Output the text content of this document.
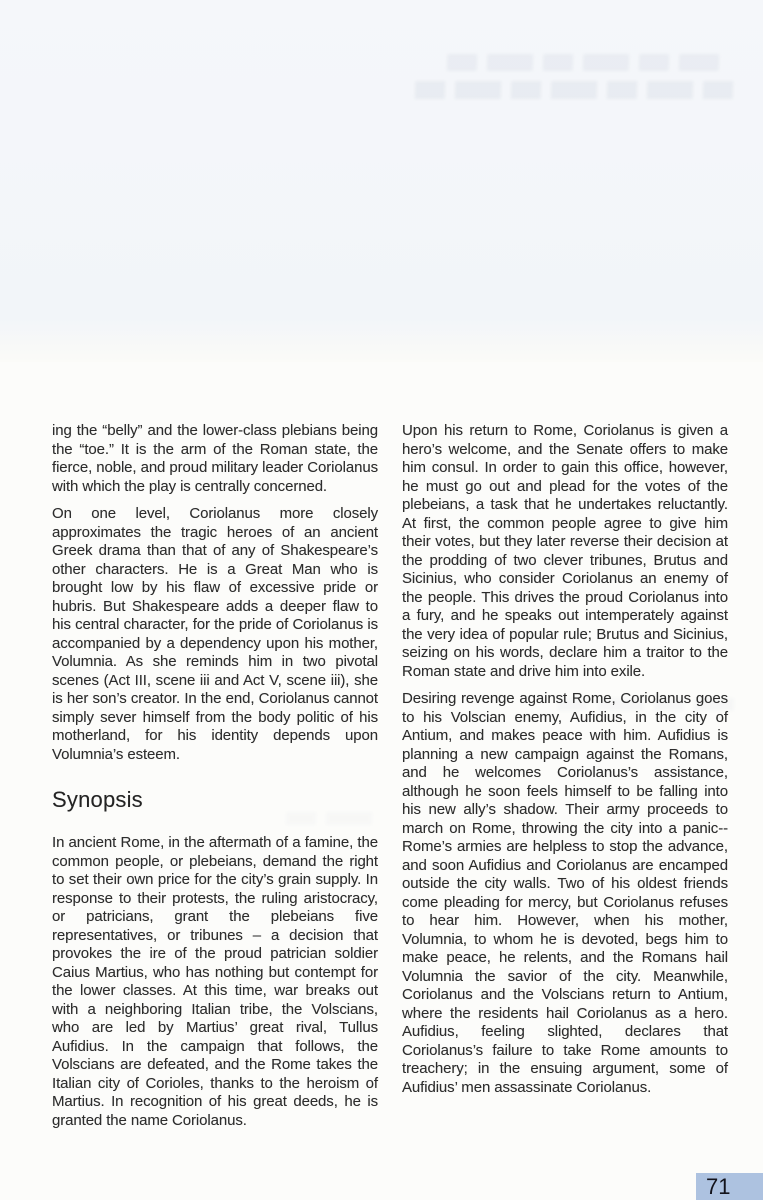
ing the “belly” and the lower-class plebians being the “toe.” It is the arm of the Roman state, the fierce, noble, and proud military leader Coriolanus with which the play is centrally concerned.

On one level, Coriolanus more closely approximates the tragic heroes of an ancient Greek drama than that of any of Shakespeare’s other characters. He is a Great Man who is brought low by his flaw of excessive pride or hubris. But Shakespeare adds a deeper flaw to his central character, for the pride of Coriolanus is accompanied by a dependency upon his mother, Volumnia. As she reminds him in two pivotal scenes (Act III, scene iii and Act V, scene iii), she is her son’s creator. In the end, Coriolanus cannot simply sever himself from the body politic of his motherland, for his identity depends upon Volumnia’s esteem.

Synopsis

In ancient Rome, in the aftermath of a famine, the common people, or plebeians, demand the right to set their own price for the city’s grain supply. In response to their protests, the ruling aristocracy, or patricians, grant the plebeians five representatives, or tribunes – a decision that provokes the ire of the proud patrician soldier Caius Martius, who has nothing but contempt for the lower classes. At this time, war breaks out with a neighboring Italian tribe, the Volscians, who are led by Martius’ great rival, Tullus Aufidius. In the campaign that follows, the Volscians are defeated, and the Rome takes the Italian city of Corioles, thanks to the heroism of Martius. In recognition of his great deeds, he is granted the name Coriolanus.

Upon his return to Rome, Coriolanus is given a hero’s welcome, and the Senate offers to make him consul. In order to gain this office, however, he must go out and plead for the votes of the plebeians, a task that he undertakes reluctantly. At first, the common people agree to give him their votes, but they later reverse their decision at the prodding of two clever tribunes, Brutus and Sicinius, who consider Coriolanus an enemy of the people. This drives the proud Coriolanus into a fury, and he speaks out intemperately against the very idea of popular rule; Brutus and Sicinius, seizing on his words, declare him a traitor to the Roman state and drive him into exile.

Desiring revenge against Rome, Coriolanus goes to his Volscian enemy, Aufidius, in the city of Antium, and makes peace with him. Aufidius is planning a new campaign against the Romans, and he welcomes Coriolanus’s assistance, although he soon feels himself to be falling into his new ally’s shadow. Their army proceeds to march on Rome, throwing the city into a panic--Rome’s armies are helpless to stop the advance, and soon Aufidius and Coriolanus are encamped outside the city walls. Two of his oldest friends come pleading for mercy, but Coriolanus refuses to hear him. However, when his mother, Volumnia, to whom he is devoted, begs him to make peace, he relents, and the Romans hail Volumnia the savior of the city. Meanwhile, Coriolanus and the Volscians return to Antium, where the residents hail Coriolanus as a hero. Aufidius, feeling slighted, declares that Coriolanus’s failure to take Rome amounts to treachery; in the ensuing argument, some of Aufidius’ men assassinate Coriolanus.

71
